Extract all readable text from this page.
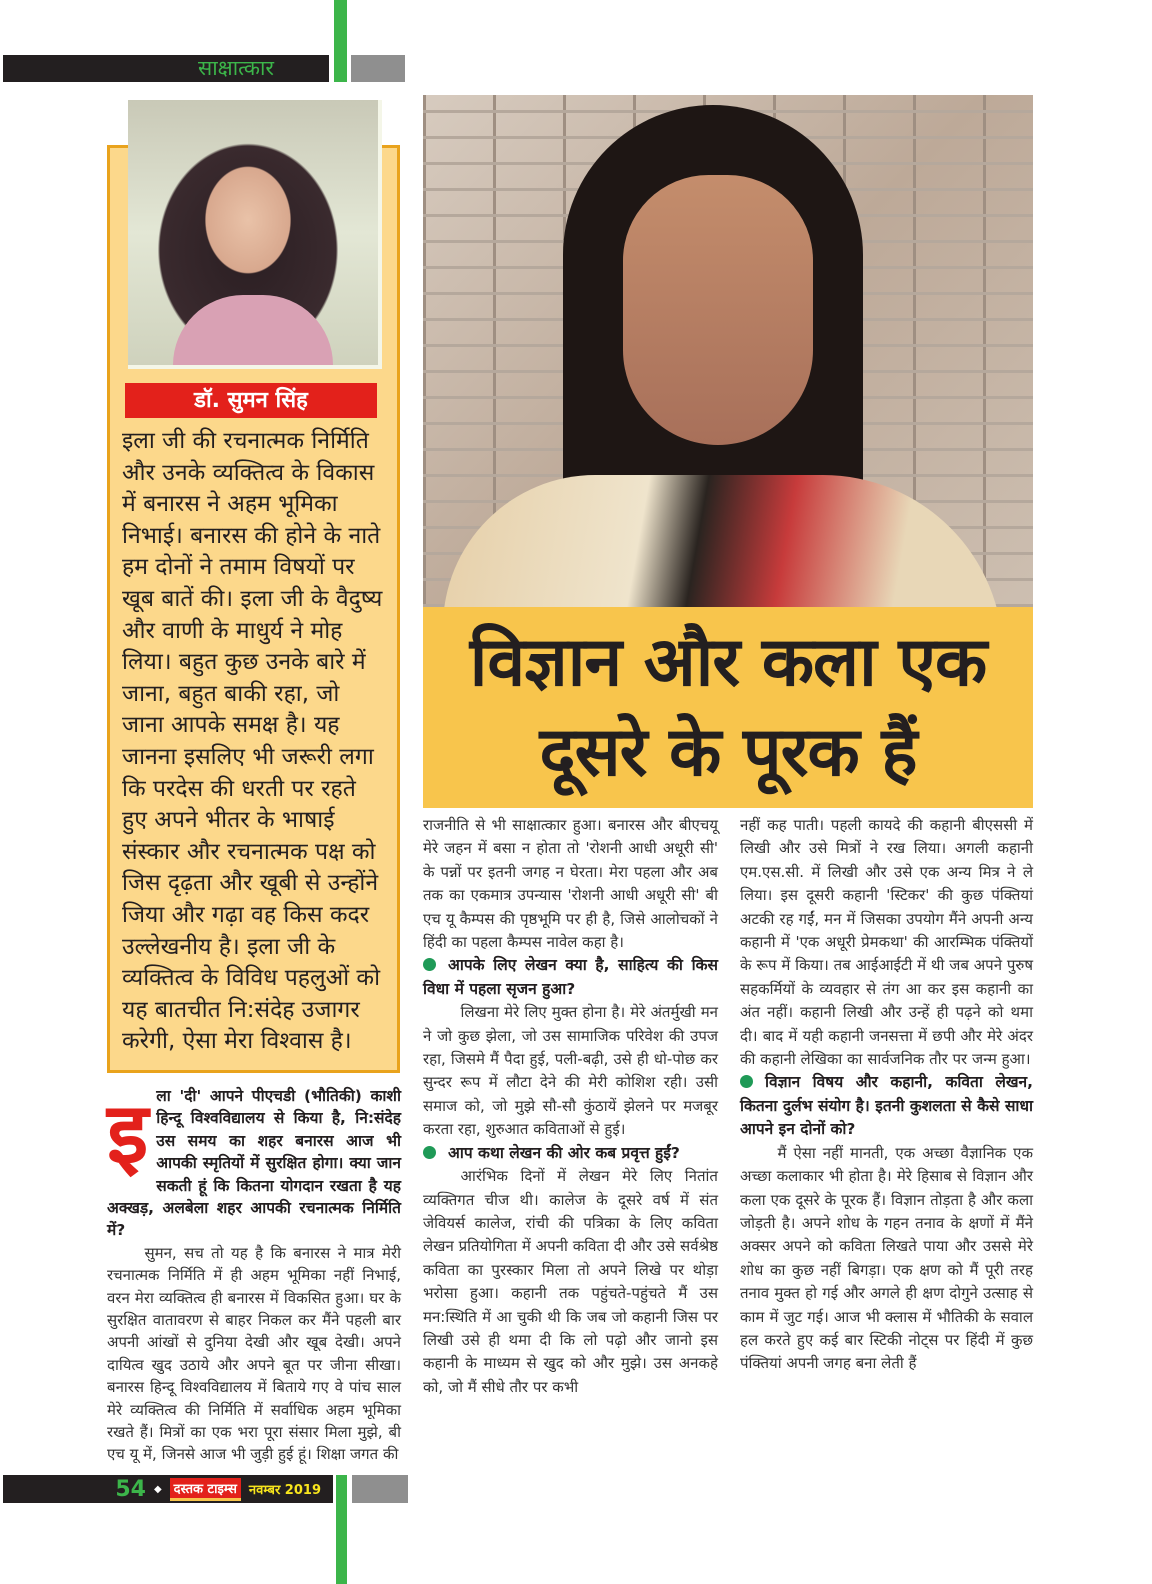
साक्षात्कार
डॉ. सुमन सिंह
इला जी की रचनात्मक निर्मिति और उनके व्यक्तित्व के विकास में बनारस ने अहम भूमिका निभाई। बनारस की होने के नाते हम दोनों ने तमाम विषयों पर खूब बातें की। इला जी के वैदुष्य और वाणी के माधुर्य ने मोह लिया। बहुत कुछ उनके बारे में जाना, बहुत बाकी रहा, जो जाना आपके समक्ष है। यह जानना इसलिए भी जरूरी लगा कि परदेस की धरती पर रहते हुए अपने भीतर के भाषाई संस्कार और रचनात्मक पक्ष को जिस दृढ़ता और खूबी से उन्होंने जिया और गढ़ा वह किस कदर उल्लेखनीय है। इला जी के व्यक्तित्व के विविध पहलुओं को यह बातचीत नि:संदेह उजागर करेगी, ऐसा मेरा विश्वास है।

इला 'दी' आपने पीएचडी (भौतिकी) काशी हिन्दू विश्वविद्यालय से किया है, नि:संदेह उस समय का शहर बनारस आज भी आपकी स्मृतियों में सुरक्षित होगा। क्या जान सकती हूं कि कितना योगदान रखता है यह अक्खड़, अलबेला शहर आपकी रचनात्मक निर्मिति में?

सुमन, सच तो यह है कि बनारस ने मात्र मेरी रचनात्मक निर्मिति में ही अहम भूमिका नहीं निभाई, वरन मेरा व्यक्तित्व ही बनारस में विकसित हुआ। घर के सुरक्षित वातावरण से बाहर निकल कर मैंने पहली बार अपनी आंखों से दुनिया देखी और खूब देखी। अपने दायित्व खुद उठाये और अपने बूत पर जीना सीखा। बनारस हिन्दू विश्वविद्यालय में बिताये गए वे पांच साल मेरे व्यक्तित्व की निर्मिति में सर्वाधिक अहम भूमिका रखते हैं। मित्रों का एक भरा पूरा संसार मिला मुझे, बी एच यू में, जिनसे आज भी जुड़ी हुई हूं। शिक्षा जगत की

विज्ञान और कला एक
दूसरे के पूरक हैं

राजनीति से भी साक्षात्कार हुआ। बनारस और बीएचयू मेरे जहन में बसा न होता तो 'रोशनी आधी अधूरी सी' के पन्नों पर इतनी जगह न घेरता। मेरा पहला और अब तक का एकमात्र उपन्यास 'रोशनी आधी अधूरी सी' बी एच यू कैम्पस की पृष्ठभूमि पर ही है, जिसे आलोचकों ने हिंदी का पहला कैम्पस नावेल कहा है।

आपके लिए लेखन क्या है, साहित्य की किस विधा में पहला सृजन हुआ?

लिखना मेरे लिए मुक्त होना है। मेरे अंतर्मुखी मन ने जो कुछ झेला, जो उस सामाजिक परिवेश की उपज रहा, जिसमे मैं पैदा हुई, पली-बढ़ी, उसे ही धो-पोछ कर सुन्दर रूप में लौटा देने की मेरी कोशिश रही। उसी समाज को, जो मुझे सौ-सौ कुंठायें झेलने पर मजबूर करता रहा, शुरुआत कविताओं से हुई।

आप कथा लेखन की ओर कब प्रवृत्त हुईं?

आरंभिक दिनों में लेखन मेरे लिए नितांत व्यक्तिगत चीज थी। कालेज के दूसरे वर्ष में संत जेवियर्स कालेज, रांची की पत्रिका के लिए कविता लेखन प्रतियोगिता में अपनी कविता दी और उसे सर्वश्रेष्ठ कविता का पुरस्कार मिला तो अपने लिखे पर थोड़ा भरोसा हुआ। कहानी तक पहुंचते-पहुंचते मैं उस मन:स्थिति में आ चुकी थी कि जब जो कहानी जिस पर लिखी उसे ही थमा दी कि लो पढ़ो और जानो इस कहानी के माध्यम से खुद को और मुझे। उस अनकहे को, जो मैं सीधे तौर पर कभी

नहीं कह पाती। पहली कायदे की कहानी बीएससी में लिखी और उसे मित्रों ने रख लिया। अगली कहानी एम.एस.सी. में लिखी और उसे एक अन्य मित्र ने ले लिया। इस दूसरी कहानी 'स्टिकर' की कुछ पंक्तियां अटकी रह गईं, मन में जिसका उपयोग मैंने अपनी अन्य कहानी में 'एक अधूरी प्रेमकथा' की आरम्भिक पंक्तियों के रूप में किया। तब आईआईटी में थी जब अपने पुरुष सहकर्मियों के व्यवहार से तंग आ कर इस कहानी का अंत नहीं। कहानी लिखी और उन्हें ही पढ़ने को थमा दी। बाद में यही कहानी जनसत्ता में छपी और मेरे अंदर की कहानी लेखिका का सार्वजनिक तौर पर जन्म हुआ।

विज्ञान विषय और कहानी, कविता लेखन, कितना दुर्लभ संयोग है। इतनी कुशलता से कैसे साधा आपने इन दोनों को?

मैं ऐसा नहीं मानती, एक अच्छा वैज्ञानिक एक अच्छा कलाकार भी होता है। मेरे हिसाब से विज्ञान और कला एक दूसरे के पूरक हैं। विज्ञान तोड़ता है और कला जोड़ती है। अपने शोध के गहन तनाव के क्षणों में मैंने अक्सर अपने को कविता लिखते पाया और उससे मेरे शोध का कुछ नहीं बिगड़ा। एक क्षण को मैं पूरी तरह तनाव मुक्त हो गई और अगले ही क्षण दोगुने उत्साह से काम में जुट गई। आज भी क्लास में भौतिकी के सवाल हल करते हुए कई बार स्टिकी नोट्स पर हिंदी में कुछ पंक्तियां अपनी जगह बना लेती हैं

54 ◆ दस्तक टाइम्स नवम्बर 2019
